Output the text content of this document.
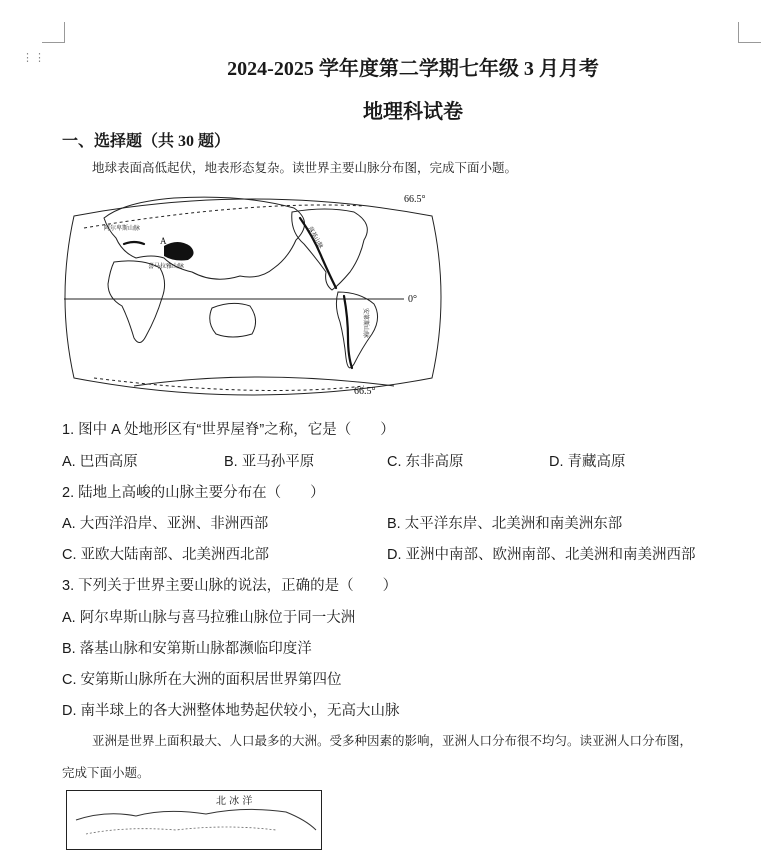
⋮⋮	2024-2025 学年度第二学期七年级 3 月月考
地理科试卷
一、选择题（共 30 题）
地球表面高低起伏，地表形态复杂。读世界主要山脉分布图，完成下面小题。
66.5°
0°
66.5°
A
阿尔卑斯山脉
喜马拉雅山脉
落基山脉
安第斯山脉
1. 图中 A 处地形区有“世界屋脊”之称，它是（　　）
A. 巴西高原	B. 亚马孙平原	C. 东非高原	D. 青藏高原
2. 陆地上高峻的山脉主要分布在（　　）
A. 大西洋沿岸、亚洲、非洲西部	B. 太平洋东岸、北美洲和南美洲东部
C. 亚欧大陆南部、北美洲西北部	D. 亚洲中南部、欧洲南部、北美洲和南美洲西部
3. 下列关于世界主要山脉的说法，正确的是（　　）
A. 阿尔卑斯山脉与喜马拉雅山脉位于同一大洲
B. 落基山脉和安第斯山脉都濒临印度洋
C. 安第斯山脉所在大洲的面积居世界第四位
D. 南半球上的各大洲整体地势起伏较小，无高大山脉
亚洲是世界上面积最大、人口最多的大洲。受多种因素的影响，亚洲人口分布很不均匀。读亚洲人口分布图，
完成下面小题。
北 冰 洋
